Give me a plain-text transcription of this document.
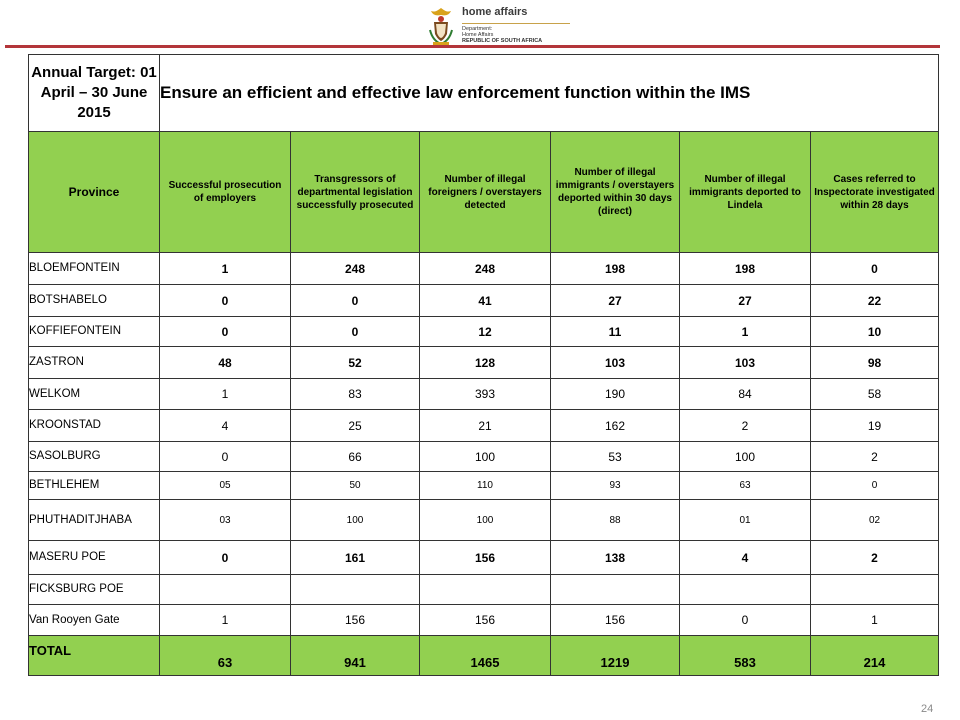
home affairs
Department:
Home Affairs
REPUBLIC OF SOUTH AFRICA
Annual Target: 01 April – 30 June 2015	Ensure an efficient and effective law enforcement function within the IMS					
Province	Successful prosecution of employers	Transgressors of departmental legislation successfully prosecuted	Number of illegal foreigners / overstayers detected	Number of illegal immigrants / overstayers deported within 30 days (direct)	Number of illegal immigrants deported to Lindela	Cases referred to Inspectorate investigated within 28 days
BLOEMFONTEIN	1	248	248	198	198	0
BOTSHABELO	0	0	41	27	27	22
KOFFIEFONTEIN	0	0	12	11	1	10
ZASTRON	48	52	128	103	103	98
WELKOM	1	83	393	190	84	58
KROONSTAD	4	25	21	162	2	19
SASOLBURG	0	66	100	53	100	2
BETHLEHEM	05	50	110	93	63	0
PHUTHADITJHABA	03	100	100	88	01	02
MASERU POE	0	161	156	138	4	2
FICKSBURG POE						
Van Rooyen Gate	1	156	156	156	0	1
TOTAL	63	941	1465	1219	583	214
24
